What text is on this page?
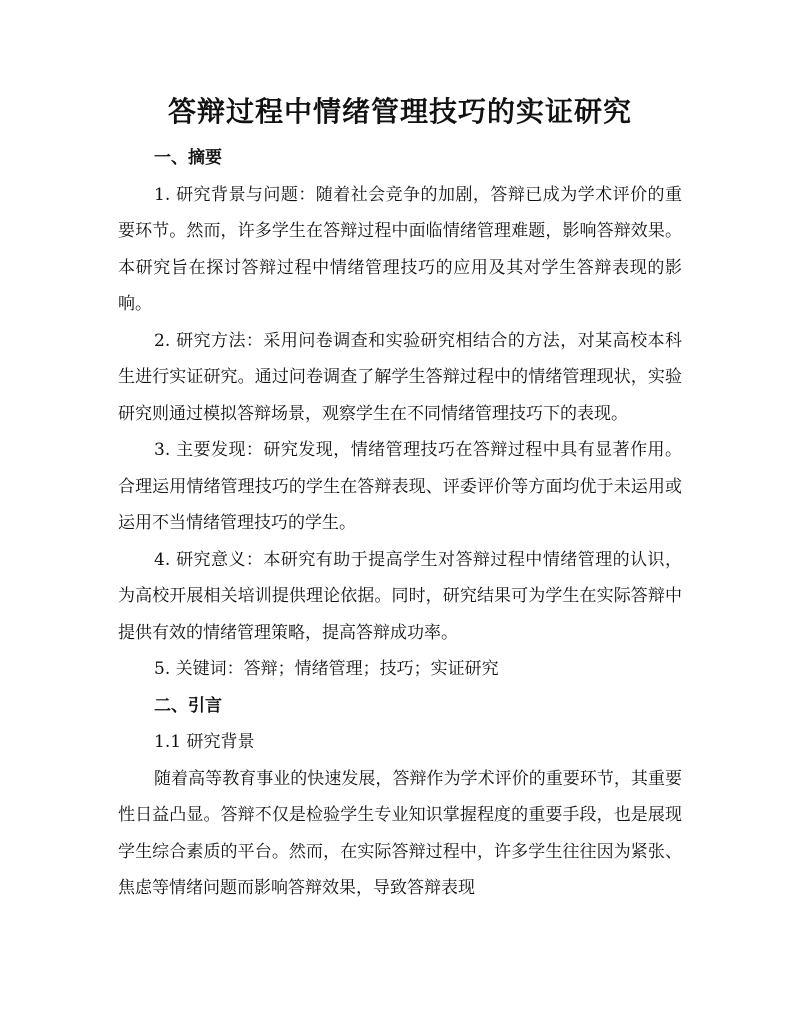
答辩过程中情绪管理技巧的实证研究
一、摘要

1. 研究背景与问题：随着社会竞争的加剧，答辩已成为学术评价的重要环节。然而，许多学生在答辩过程中面临情绪管理难题，影响答辩效果。本研究旨在探讨答辩过程中情绪管理技巧的应用及其对学生答辩表现的影响。

2. 研究方法：采用问卷调查和实验研究相结合的方法，对某高校本科生进行实证研究。通过问卷调查了解学生答辩过程中的情绪管理现状，实验研究则通过模拟答辩场景，观察学生在不同情绪管理技巧下的表现。

3. 主要发现：研究发现，情绪管理技巧在答辩过程中具有显著作用。合理运用情绪管理技巧的学生在答辩表现、评委评价等方面均优于未运用或运用不当情绪管理技巧的学生。

4. 研究意义：本研究有助于提高学生对答辩过程中情绪管理的认识，为高校开展相关培训提供理论依据。同时，研究结果可为学生在实际答辩中提供有效的情绪管理策略，提高答辩成功率。

5. 关键词：答辩；情绪管理；技巧；实证研究

二、引言
1.1 研究背景

随着高等教育事业的快速发展，答辩作为学术评价的重要环节，其重要性日益凸显。答辩不仅是检验学生专业知识掌握程度的重要手段，也是展现学生综合素质的平台。然而，在实际答辩过程中，许多学生往往因为紧张、焦虑等情绪问题而影响答辩效果，导致答辩表现
